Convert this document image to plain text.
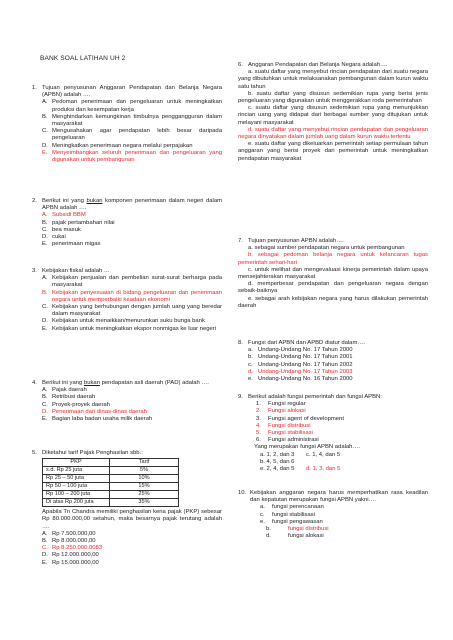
BANK SOAL LATIHAN UH 2
1. Tujuan penyusunan Anggaran Pendapatan dan Belanja Negara (APBN) adalah ….
A. Pedoman penerimaan dan pengeluaran untuk meningkatkan produksi dan kesempatan kerja
B. Menghindarkan kemungkinan timbulnya penggangguran dalam masyarakat
C. Mengusahakan agar pendapatan lebih besar daripada pengeluaran
D. Meningkatkan penerimaan negara melalui perpajakan
E. Menyeimbangkan seluruh penerimaan dan pengeluaran yang digunakan untuk pembangunan
2. Berikut ini yang bukan komponen penerimaan dalam negeri dalam APBN adalah ….
A. Subsidi BBM
B. pajak pertambahan nilai
C. bea masuk
D. cukai
E. penerimaan migas
3. Kebijakan fiskal adalah …
A. Kebijakan penjualan dan pembelian surat-surat berharga pada masyarakat
B. Kebijakan penyesuaian di bidang pengeluaran dan penerimaan negara untuk memperbaiki keadaan ekonomi
C. Kebijakan yang berhubungan dengan jumlah uang yang beredar dalam masyarakat
D. Kebijakan untuk menaikkan/menurunkan suku bunga bank
E. Kebijakan untuk meningkatkan ekspor nonmigas ke luar negeri
4. Berikut ini yang bukan pendapatan asli daerah (PAD) adalah ….
A. Pajak daerah
B. Retribusi daerah
C. Proyek-proyek daerah
D. Penerimaan dari dinas-dinas daerah
E. Bagian laba badan usaha milik daerah
5. Diketahui tarif Pajak Penghasilan sbb.:
PKP	Tarif
s.d. Rp 25 juta	5%
Rp 25 – 50 juta	10%
Rp 50 – 100 juta	15%
Rp 100 – 200 juta	25%
Di atas Rp 200 juta	35%
Apabila Tn Chandra memiliki penghasilan kena pajak (PKP) sebesar Rp 80.000.000,00 setahun, maka besarnya pajak terutang adalah ….
A. Rp 7.500.000,00
B. Rp 8.000.000,00
C. Rp 8.250.000.0083
D. Rp 12.000.000,00
E. Rp 15.000.000,00
6. Anggaran Pendapatan dan Belanja Negara adalah….
a. suatu daftar yang menyebut rincian pendapatan dari suatu negara yang dibutuhkan untuk melaksanakan pembangunan dalam kurun waktu satu tahun
b. suatu daftar yang disusun sedemikian rupa yang berisi jenis pengeluaran yang digunakan untuk menggerakkan roda pemerintahan
c. suatu daftar yang disusun sedemikian rupa yang menunjukkan rincian uang yang didapat dari berbagai sumber yang ditujukan untuk melayani masyarakat
d. suatu daftar yang menyebut rincian pendapatan dan pengeluaran negara dinyatakan dalam jumlah uang dalam kurun waktu tertentu
e. suatu daftar yang dikeluarkan pemerintah setiap permulaan tahun anggaran yang berisi proyek dari pemerintah untuk meningkatkan pendapatan masyarakat
7. Tujuan penyusunan APBN adalah….
a. sebagai sumber pendapatan negara untuk pembangunan
b. sebagai pedoman belanja negara untuk kelancaran tugas pemerintah sehari-hari
c. untuk melihat dan mengevaluasi kinerja pemerintah dalam upaya mensejahterakan masyarakat
d. memperbesar pendapatan dan pengeluaran negara dengan sebaik-baiknya
e. sebagai arah kebijakan negara yang harus dilakukan pemerintah daerah
8. Fungsi dari APBN dan APBD diatur dalam….
a. Undang-Undang No. 17 Tahun 2000
b. Undang-Undang No. 17 Tahun 2001
c. Undang-Undang No. 17 Tahun 2002
d. Undang-Undang No. 17 Tahun 2003
e. Undang-Undang No. 16 Tahun 2000
9. Berikut adalah fungsi pemerintah dan fungsi APBN:
1. Fungsi regular
2. Fungsi alokasi
3. Fungsi agent of development
4. Fungsi distribusi
5. Fungsi stabilisasi
6. Fungsi administrasi
Yang merupakan fungsi APBN adalah….
a. 1, 2, dan 3 c. 1, 4, dan 5
b. 4, 5, dan 6
e. 2, 4, dan 5 d. 1, 3, dan 5
10. Kebijakan anggaran negara harus memperhatikan rasa keadilan dan kepatutan merupakan fungsi APBN yakni….
a. fungsi perencanaan
c. fungsi stabilisasi
e. fungsi pengawasan
b.	fungsi distribusi
d.	fungsi alokasi
